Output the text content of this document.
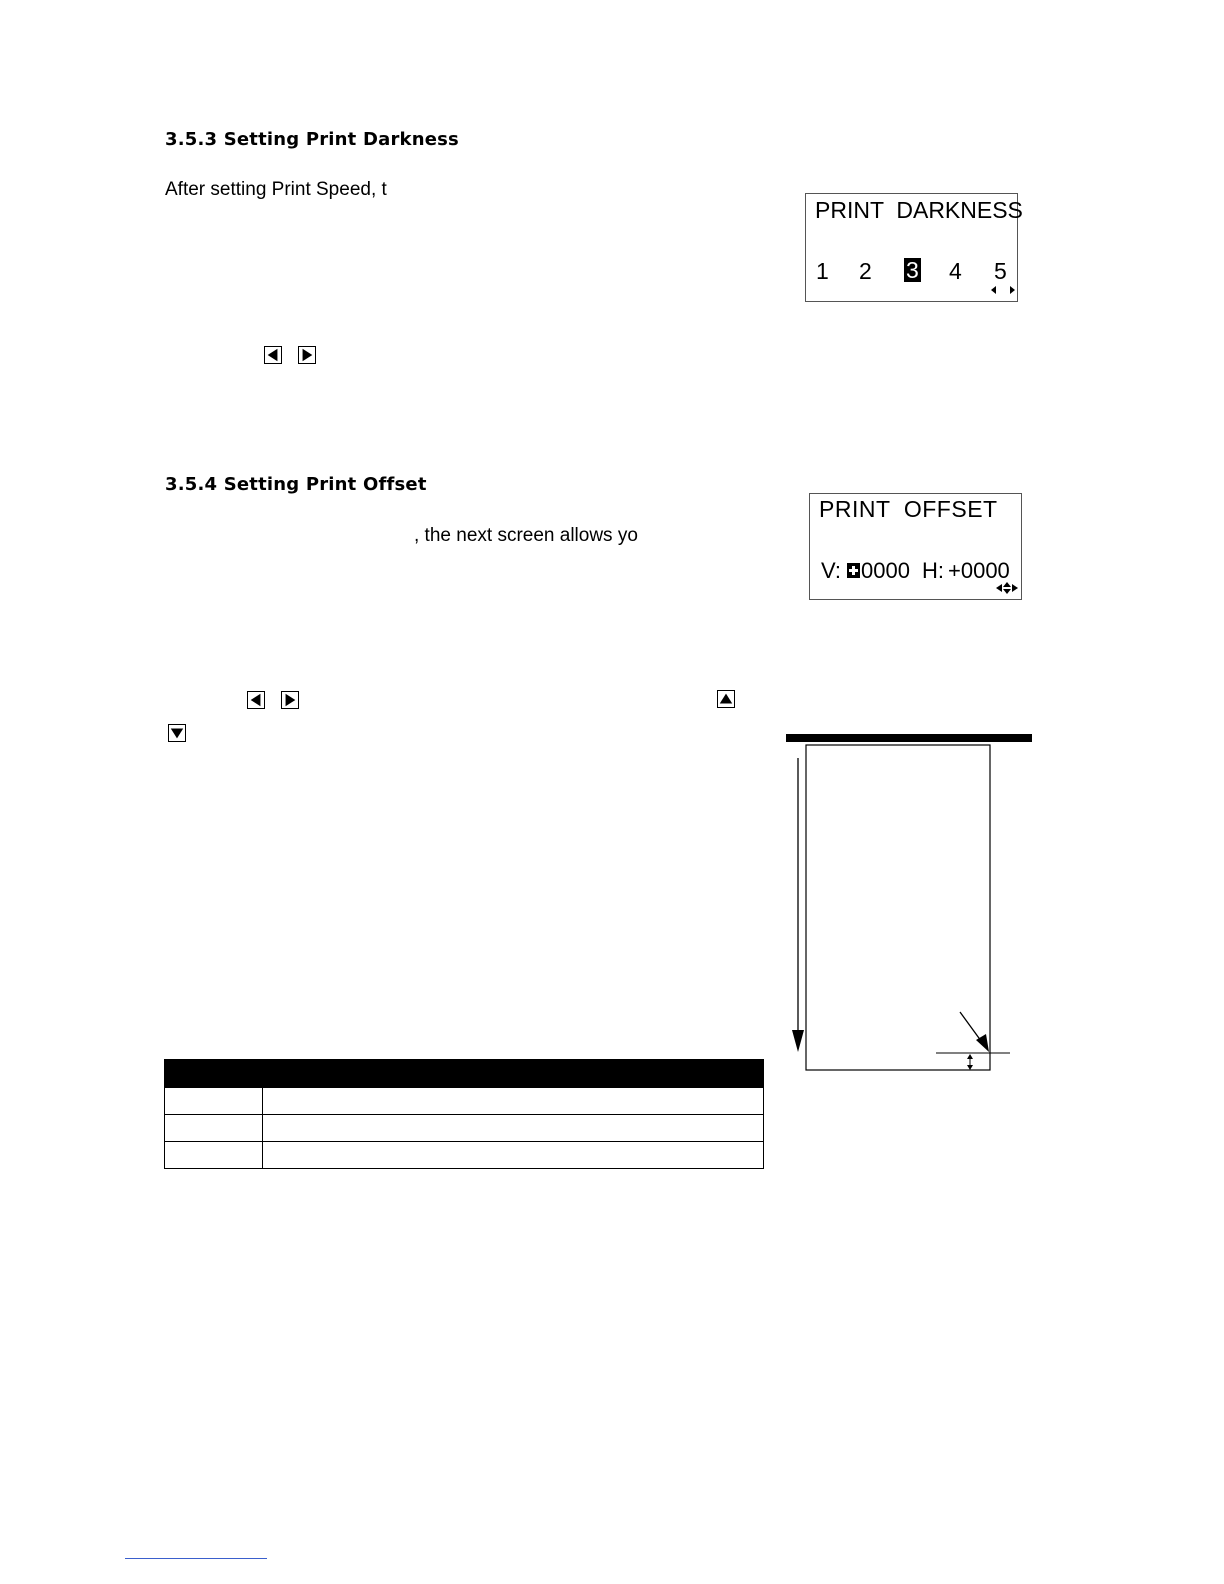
3.5.3 Setting Print Darkness
After setting Print Speed, t
PRINT  DARKNESS
1 2 3 4 5
3.5.4 Setting Print Offset
, the next screen allows yo
PRINT  OFFSET
V: 0000 H: +0000
